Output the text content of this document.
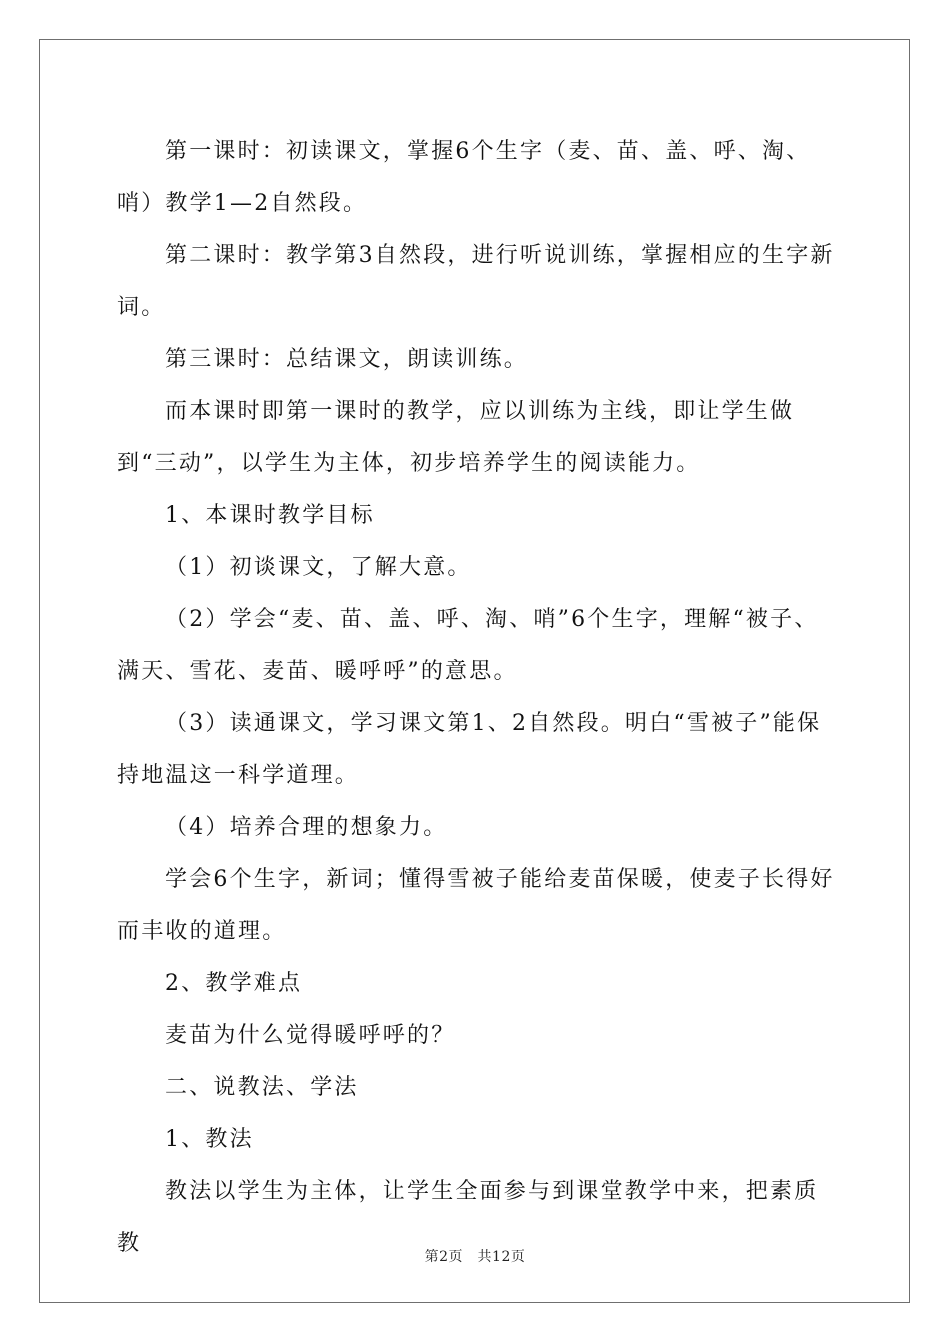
第一课时：初读课文，掌握6个生字（麦、苗、盖、呼、淘、哨）教学1—2自然段。

第二课时：教学第3自然段，进行听说训练，掌握相应的生字新词。

第三课时：总结课文，朗读训练。

而本课时即第一课时的教学，应以训练为主线，即让学生做到“三动”，以学生为主体，初步培养学生的阅读能力。

1、本课时教学目标

（1）初谈课文，了解大意。

（2）学会“麦、苗、盖、呼、淘、哨”6个生字，理解“被子、满天、雪花、麦苗、暖呼呼”的意思。

（3）读通课文，学习课文第1、2自然段。明白“雪被子”能保持地温这一科学道理。

（4）培养合理的想象力。

学会6个生字，新词；懂得雪被子能给麦苗保暖，使麦子长得好而丰收的道理。

2、教学难点

麦苗为什么觉得暖呼呼的？

二、说教法、学法

1、教法

教法以学生为主体，让学生全面参与到课堂教学中来，把素质教

第2页　共12页
